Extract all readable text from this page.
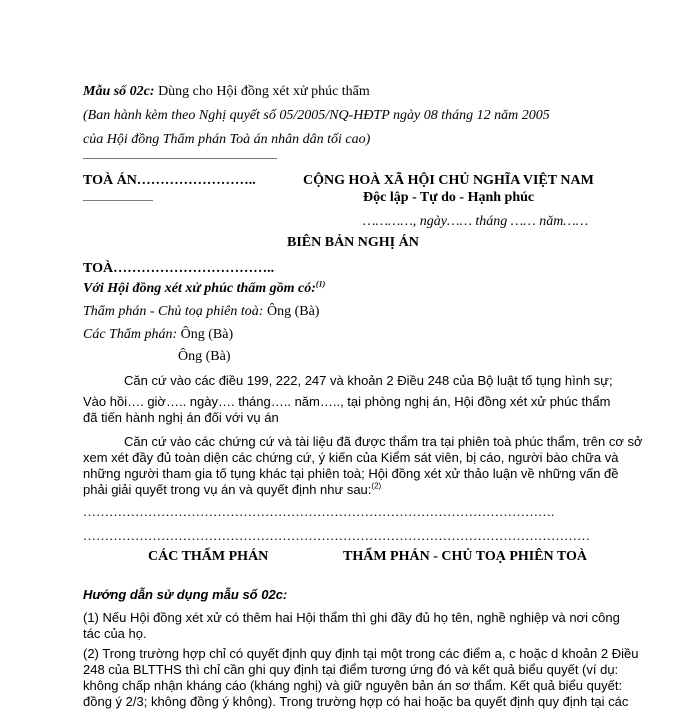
Mẫu số 02c: Dùng cho Hội đồng xét xử phúc thẩm
(Ban hành kèm theo Nghị quyết số 05/2005/NQ-HĐTP ngày 08 tháng 12 năm 2005
của Hội đồng Thẩm phán Toà án nhân dân tối cao)
___________________________________________
TOÀ ÁN……………………..
______________
CỘNG HOÀ XÃ HỘI CHỦ NGHĨA VIỆT NAM
Độc lập - Tự do - Hạnh phúc
…………, ngày…… tháng …… năm……
BIÊN BẢN NGHỊ ÁN
TOÀ……………………………..
Với Hội đồng xét xử phúc thẩm gồm có:$^{(1)}$
Thẩm phán - Chủ toạ phiên toà: Ông (Bà)
Các Thẩm phán: Ông (Bà)
Ông (Bà)
Căn cứ vào các điều 199, 222, 247 và khoản 2 Điều 248 của Bộ luật tố tụng hình sự;
Vào hồi…. giờ….. ngày…. tháng….. năm….., tại phòng nghị án, Hội đồng xét xử phúc thẩm
đã tiến hành nghị án đối với vụ án
Căn cứ vào các chứng cứ và tài liệu đã được thẩm tra tại phiên toà phúc thẩm, trên cơ sở
xem xét đầy đủ toàn diện các chứng cứ, ý kiến của Kiểm sát viên, bị cáo, người bào chữa và
những người tham gia tố tụng khác tại phiên toà; Hội đồng xét xử thảo luận về những vấn đề
phải giải quyết trong vụ án và quyết định như sau:$^{(2)}$
……………………………………………………………………………………………….
………………………………………………………………………………………………………
CÁC THẨM PHÁN	THẨM PHÁN - CHỦ TOẠ PHIÊN TOÀ
Hướng dẫn sử dụng mẫu số 02c:
(1) Nếu Hội đồng xét xử có thêm hai Hội thẩm thì ghi đầy đủ họ tên, nghề nghiệp và nơi công
tác của họ.
(2) Trong trường hợp chỉ có quyết định quy định tại một trong các điểm a, c hoặc d khoản 2 Điều
248 của BLTTHS thì chỉ cần ghi quy định tại điểm tương ứng đó và kết quả biểu quyết (ví dụ:
không chấp nhận kháng cáo (kháng nghị) và giữ nguyên bản án sơ thẩm. Kết quả biểu quyết:
đồng ý 2/3; không đồng ý không). Trong trường hợp có hai hoặc ba quyết định quy định tại các
